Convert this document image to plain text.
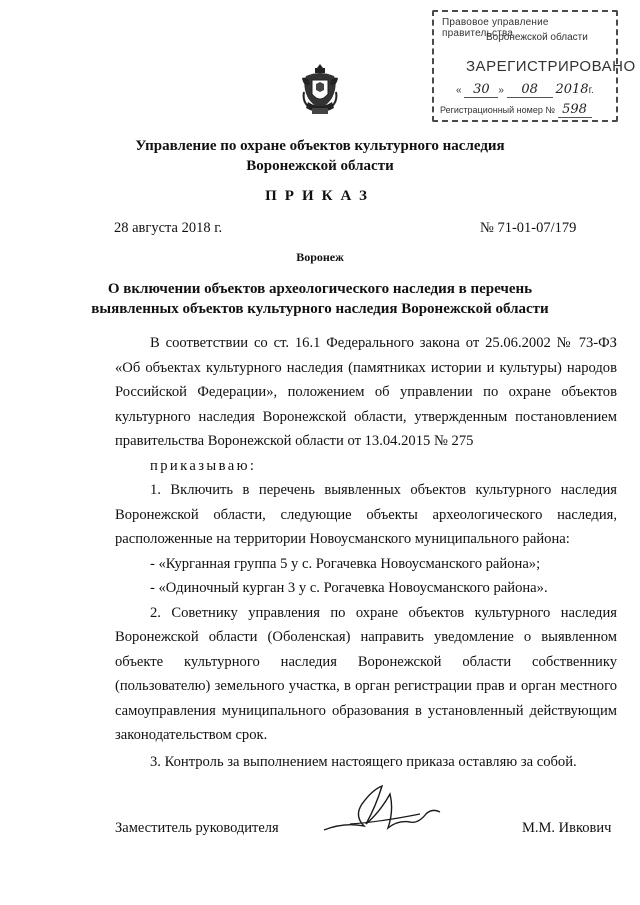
Правовое управление правительства
Воронежской области
ЗАРЕГИСТРИРОВАНО
« 30 » 08 2018г.
Регистрационный номер № 598
Управление по охране объектов культурного наследия
Воронежской области
ПРИКАЗ
28 августа 2018 г.	№ 71-01-07/179
Воронеж
О включении объектов археологического наследия в перечень
выявленных объектов культурного наследия Воронежской области

В соответствии со ст. 16.1 Федерального закона от 25.06.2002 № 73-ФЗ «Об объектах культурного наследия (памятниках истории и культуры) народов Российской Федерации», положением об управлении по охране объектов культурного наследия Воронежской области, утвержденным постановлением правительства Воронежской области от 13.04.2015 № 275

приказываю:

1. Включить в перечень выявленных объектов культурного наследия Воронежской области, следующие объекты археологического наследия, расположенные на территории Новоусманского муниципального района:

- «Курганная группа 5 у с. Рогачевка Новоусманского района»;

- «Одиночный курган 3 у с. Рогачевка Новоусманского района».

2. Советнику управления по охране объектов культурного наследия Воронежской области (Оболенская) направить уведомление о выявленном объекте культурного наследия Воронежской области собственнику (пользователю) земельного участка, в орган регистрации прав и орган местного самоуправления муниципального образования в установленный действующим законодательством срок.

3. Контроль за выполнением настоящего приказа оставляю за собой.

Заместитель руководителя	М.М. Ивкович
